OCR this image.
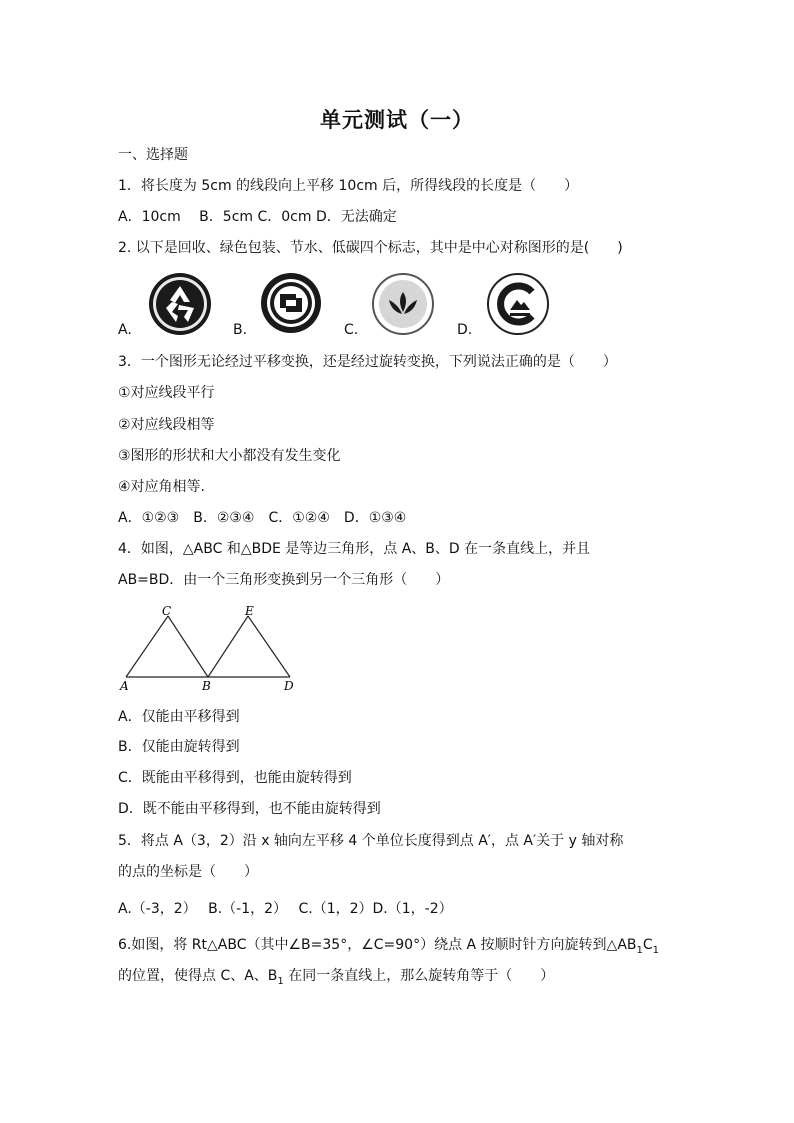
单元测试（一）
一、选择题
1．将长度为 5cm 的线段向上平移 10cm 后，所得线段的长度是（　　）
A．10cm　 B．5cm C．0cm D．无法确定
2. 以下是回收、绿色包装、节水、低碳四个标志，其中是中心对称图形的是(　　)
A.	B.	C.	D.
3．一个图形无论经过平移变换，还是经过旋转变换，下列说法正确的是（　　）
①对应线段平行
②对应线段相等
③图形的形状和大小都没有发生变化
④对应角相等.
A．①②③　B．②③④　C．①②④　D．①③④
4．如图，△ABC 和△BDE 是等边三角形，点 A、B、D 在一条直线上，并且
AB=BD．由一个三角形变换到另一个三角形（　　）
C	E
A	B	D
A．仅能由平移得到
B．仅能由旋转得到
C．既能由平移得到，也能由旋转得到
D．既不能由平移得到，也不能由旋转得到
5．将点 A（3，2）沿 x 轴向左平移 4 个单位长度得到点 A′，点 A′关于 y 轴对称
的点的坐标是（　　）
A.（-3，2）　 B.（-1，2）　 C.（1，2）D.（1，-2）
6.如图，将 Rt△ABC（其中∠B=35°，∠C=90°）绕点 A 按顺时针方向旋转到$\triangle AB_1C_1$
的位置，使得点 C、A、$B_1$ 在同一条直线上，那么旋转角等于（　　）
